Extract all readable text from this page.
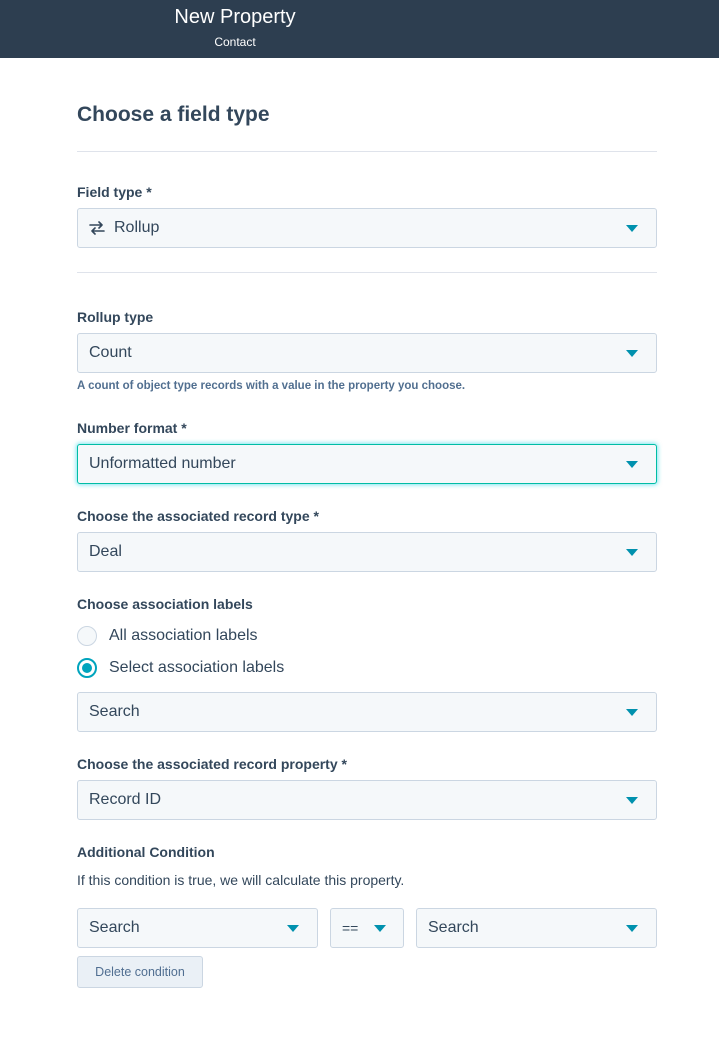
New Property
Contact
Choose a field type
Field type *
Rollup
Rollup type
Count
A count of object type records with a value in the property you choose.
Number format *
Unformatted number
Choose the associated record type *
Deal
Choose association labels
All association labels
Select association labels
Search
Choose the associated record property *
Record ID
Additional Condition
If this condition is true, we will calculate this property.
Search	==	Search
Delete condition
